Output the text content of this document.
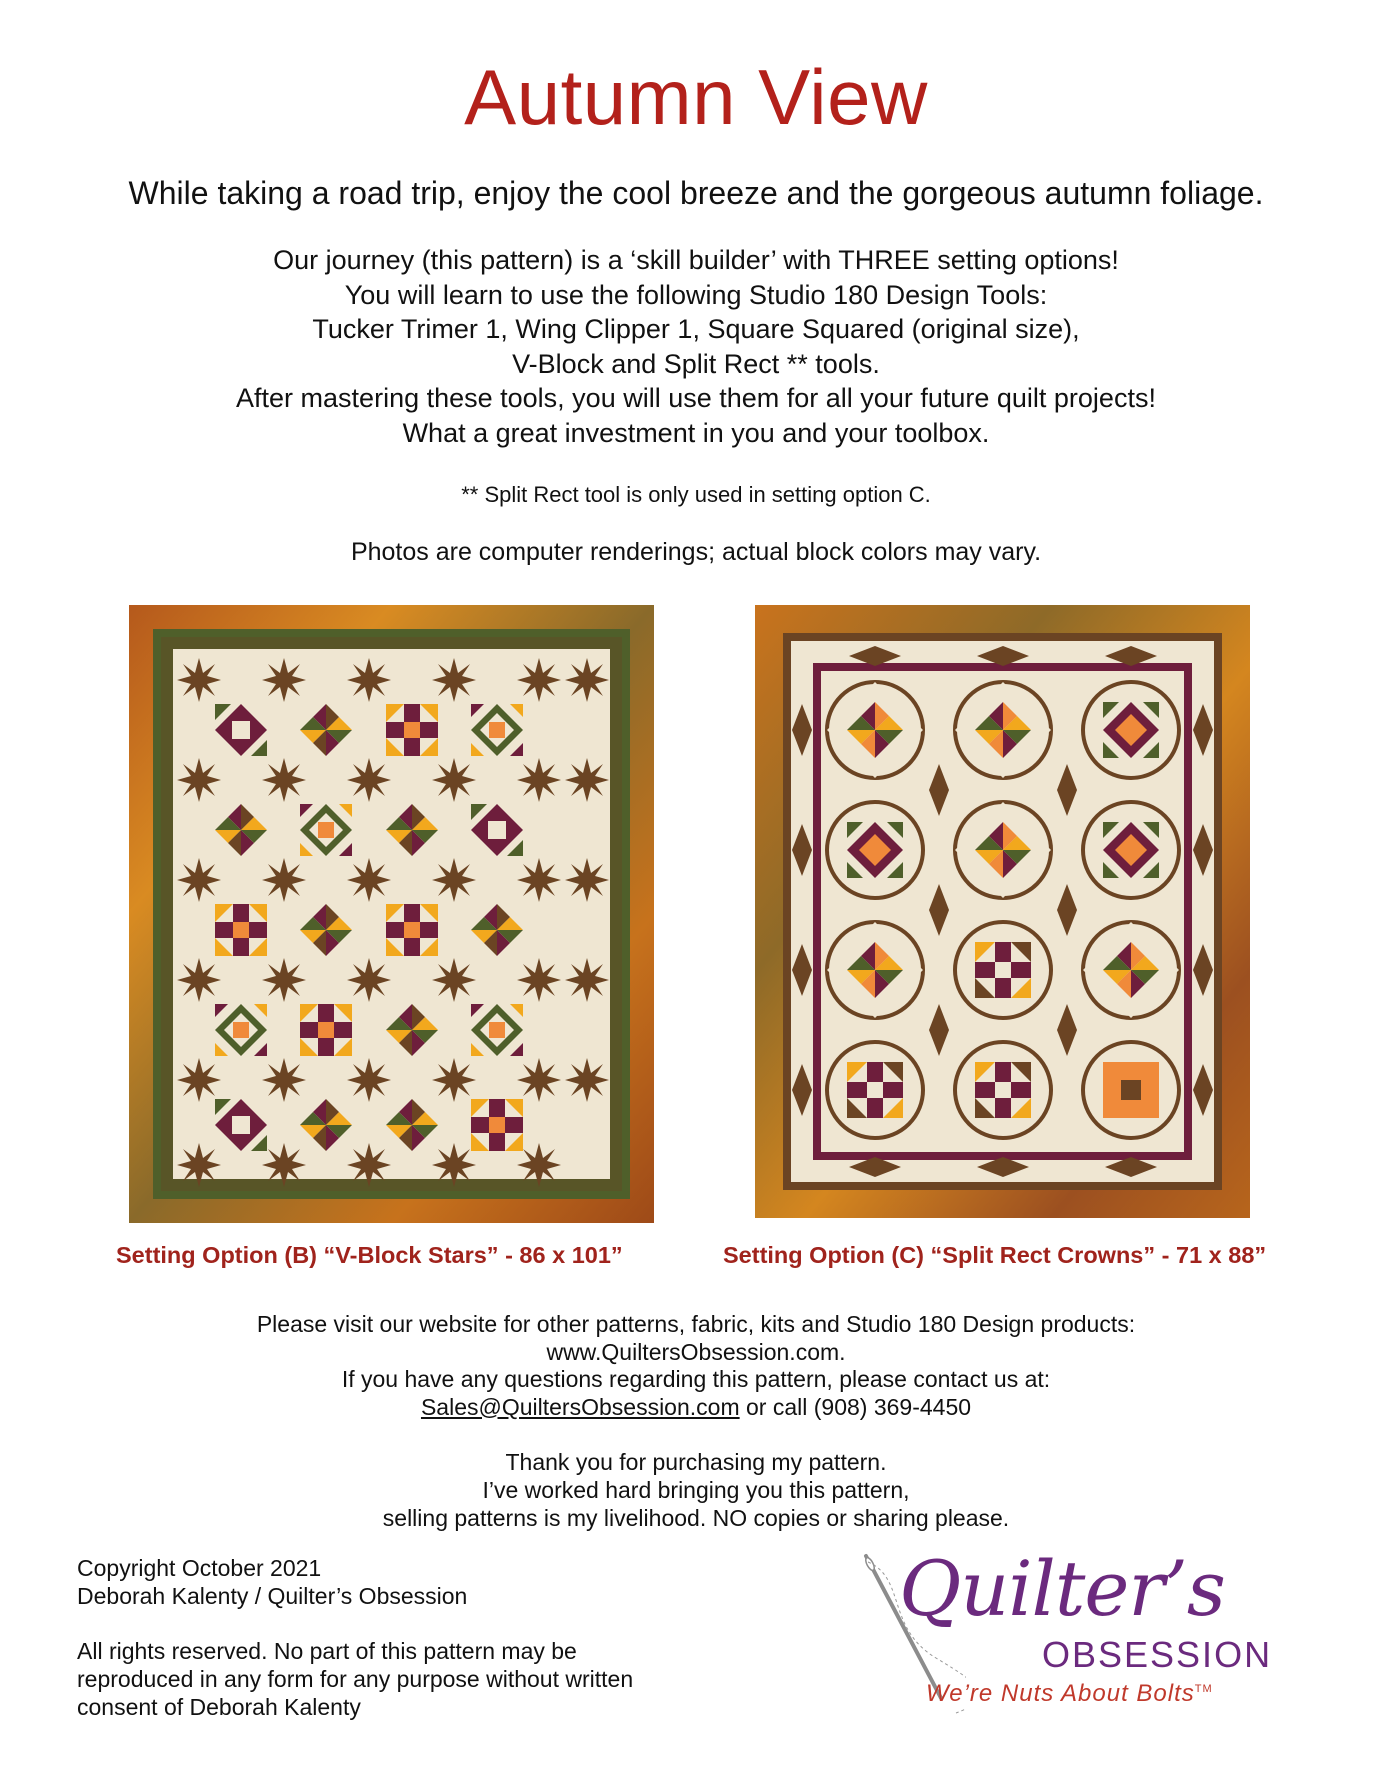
Autumn View
While taking a road trip, enjoy the cool breeze and the gorgeous autumn foliage.
Our journey (this pattern) is a ‘skill builder’ with THREE setting options!
You will learn to use the following Studio 180 Design Tools:
Tucker Trimer 1, Wing Clipper 1, Square Squared (original size),
V-Block and Split Rect ** tools.
After mastering these tools, you will use them for all your future quilt projects!
What a great investment in you and your toolbox.
** Split Rect tool is only used in setting option C.
Photos are computer renderings; actual block colors may vary.
Setting Option (B) “V-Block Stars” - 86 x 101”	Setting Option (C) “Split Rect Crowns” - 71 x 88”
Please visit our website for other patterns, fabric, kits and Studio 180 Design products:
www.QuiltersObsession.com.
If you have any questions regarding this pattern, please contact us at:
Sales@QuiltersObsession.com or call (908) 369-4450
Thank you for purchasing my pattern.
I’ve worked hard bringing you this pattern,
selling patterns is my livelihood. NO copies or sharing please.
Copyright October 2021
Deborah Kalenty / Quilter’s Obsession
All rights reserved. No part of this pattern may be
reproduced in any form for any purpose without written
consent of Deborah Kalenty
Quilter’s
OBSESSION
We’re Nuts About Bolts™
